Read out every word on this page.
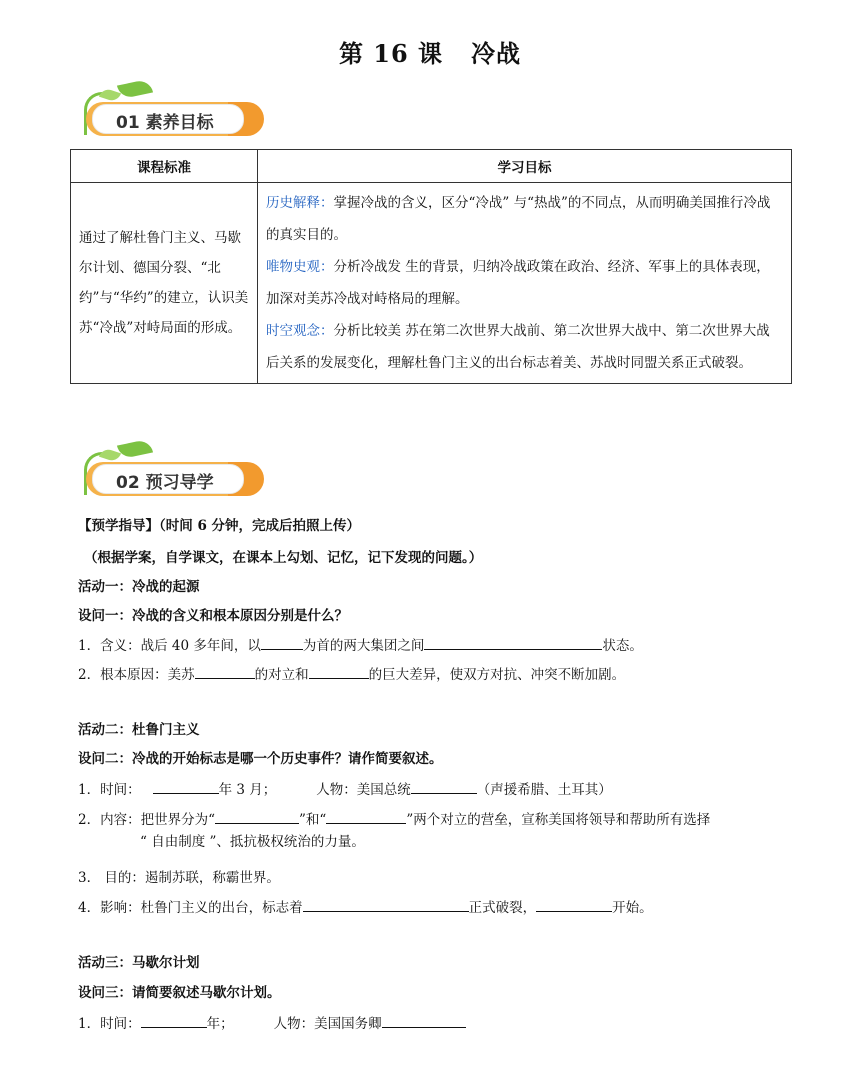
第 16 课 冷战
01 素养目标
课程标准	学习目标
通过了解杜鲁门主义、马歇尔计划、德国分裂、“北约”与“华约”的建立，认识美苏“冷战”对峙局面的形成。	历史解释：掌握冷战的含义，区分“冷战” 与“热战”的不同点，从而明确美国推行冷战的真实目的。
唯物史观：分析冷战发 生的背景，归纳冷战政策在政治、经济、军事上的具体表现，加深对美苏冷战对峙格局的理解。
时空观念：分析比较美 苏在第二次世界大战前、第二次世界大战中、第二次世界大战后关系的发展变化，理解杜鲁门主义的出台标志着美、苏战时同盟关系正式破裂。
02 预习导学
【预学指导】（时间 6 分钟，完成后拍照上传）
（根据学案，自学课文，在课本上勾划、记忆，记下发现的问题。）
活动一：冷战的起源
设问一：冷战的含义和根本原因分别是什么？
1．含义：战后 40 多年间，以	为首的两大集团之间	状态。
2．根本原因：美苏	的对立和	的巨大差异，使双方对抗、冲突不断加剧。
活动二：杜鲁门主义
设问二：冷战的开始标志是哪一个历史事件？请作简要叙述。
1．时间：	年 3 月；	人物：美国总统	（声援希腊、土耳其）
2．内容：把世界分为“	”和“	”两个对立的营垒，宣称美国将领导和帮助所有选择
“ 自由制度 ”、抵抗极权统治的力量。
3． 目的：遏制苏联，称霸世界。
4．影响：杜鲁门主义的出台，标志着	正式破裂，	开始。
活动三：马歇尔计划
设问三：请简要叙述马歇尔计划。
1．时间：	年；	人物：美国国务卿
